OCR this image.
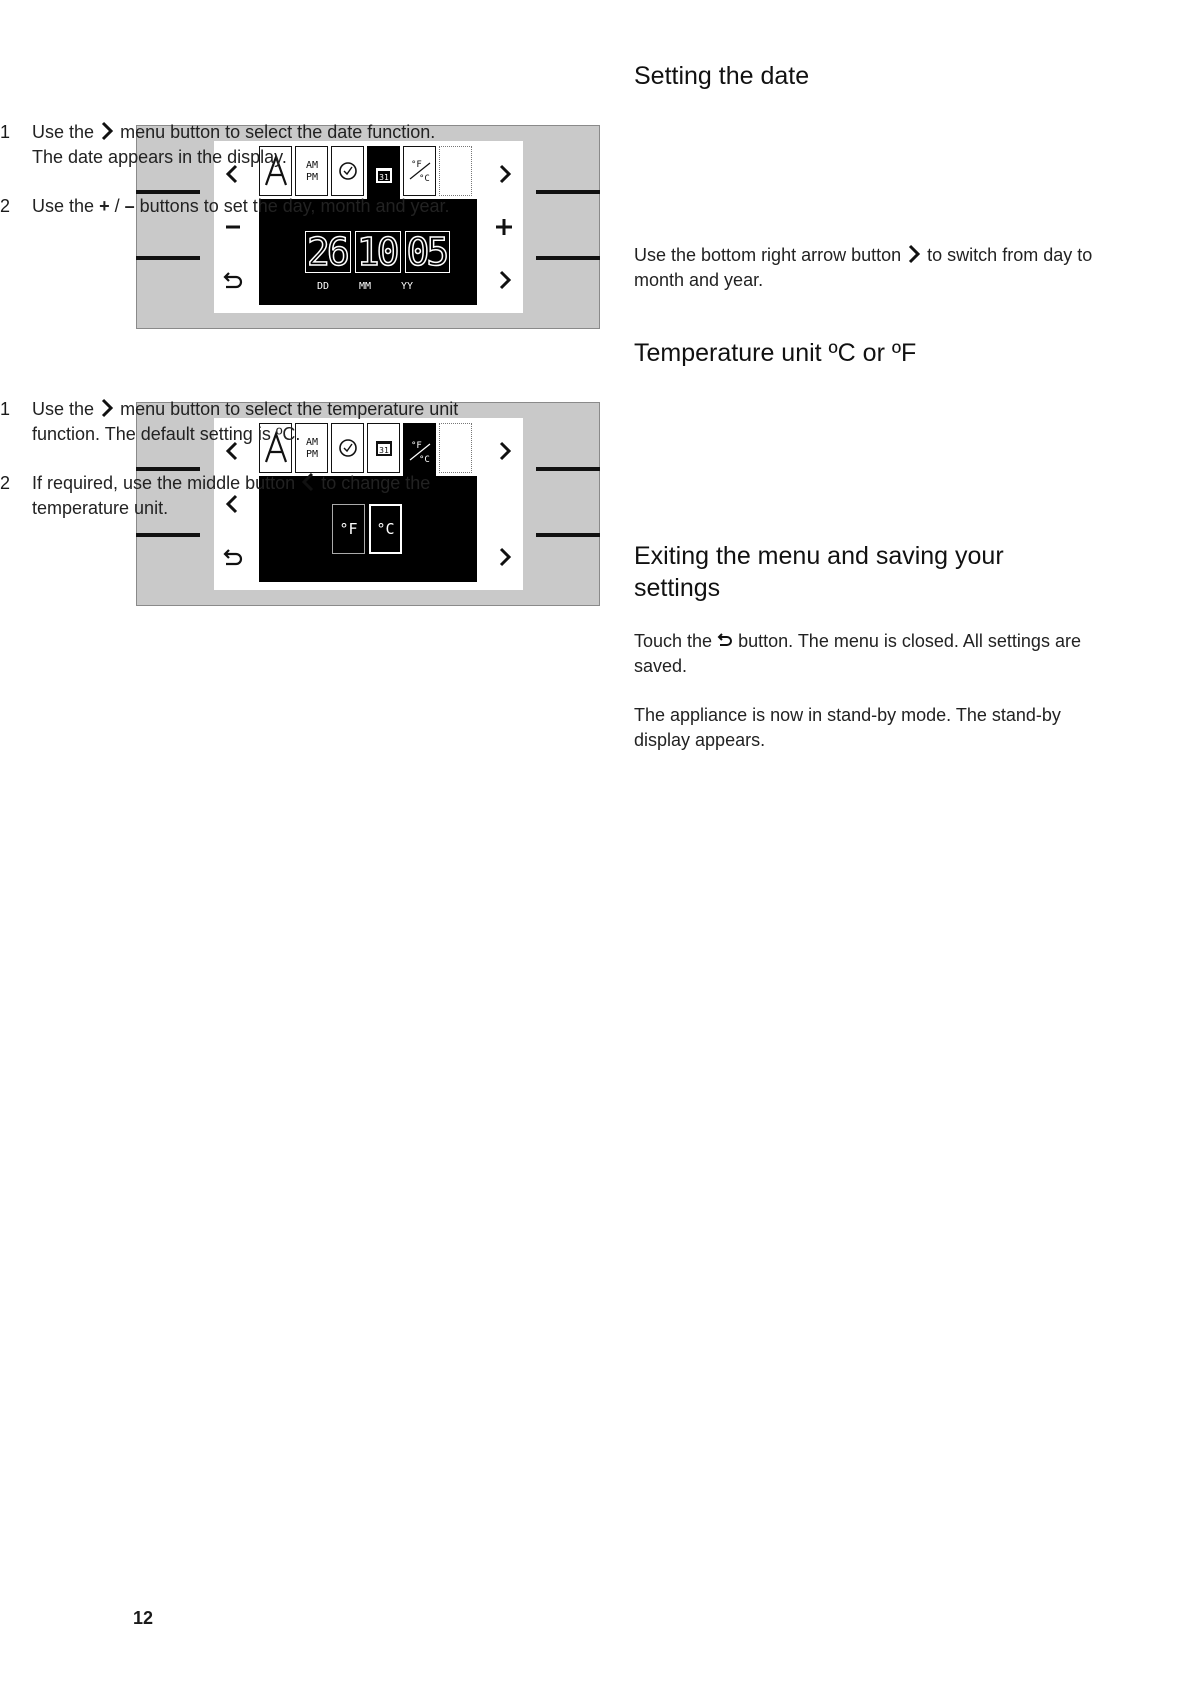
AM
PM	31
°F
°C
26 10 05
DD	MM	YY
AM
PM	31 °F
°C
°F	°C
Setting the date
1 Use the menu button to select the date function. The date appears in the display.
2 Use the + / – buttons to set the day, month and year.

Use the bottom right arrow button to switch from day to month and year.

Temperature unit ºC or ºF
1 Use the menu button to select the temperature unit function. The default setting is ºC.
2 If required, use the middle button to change the temperature unit.
Exiting the menu and saving your settings

Touch the button. The menu is closed. All settings are saved.

The appliance is now in stand-by mode. The stand-by display appears.

12
